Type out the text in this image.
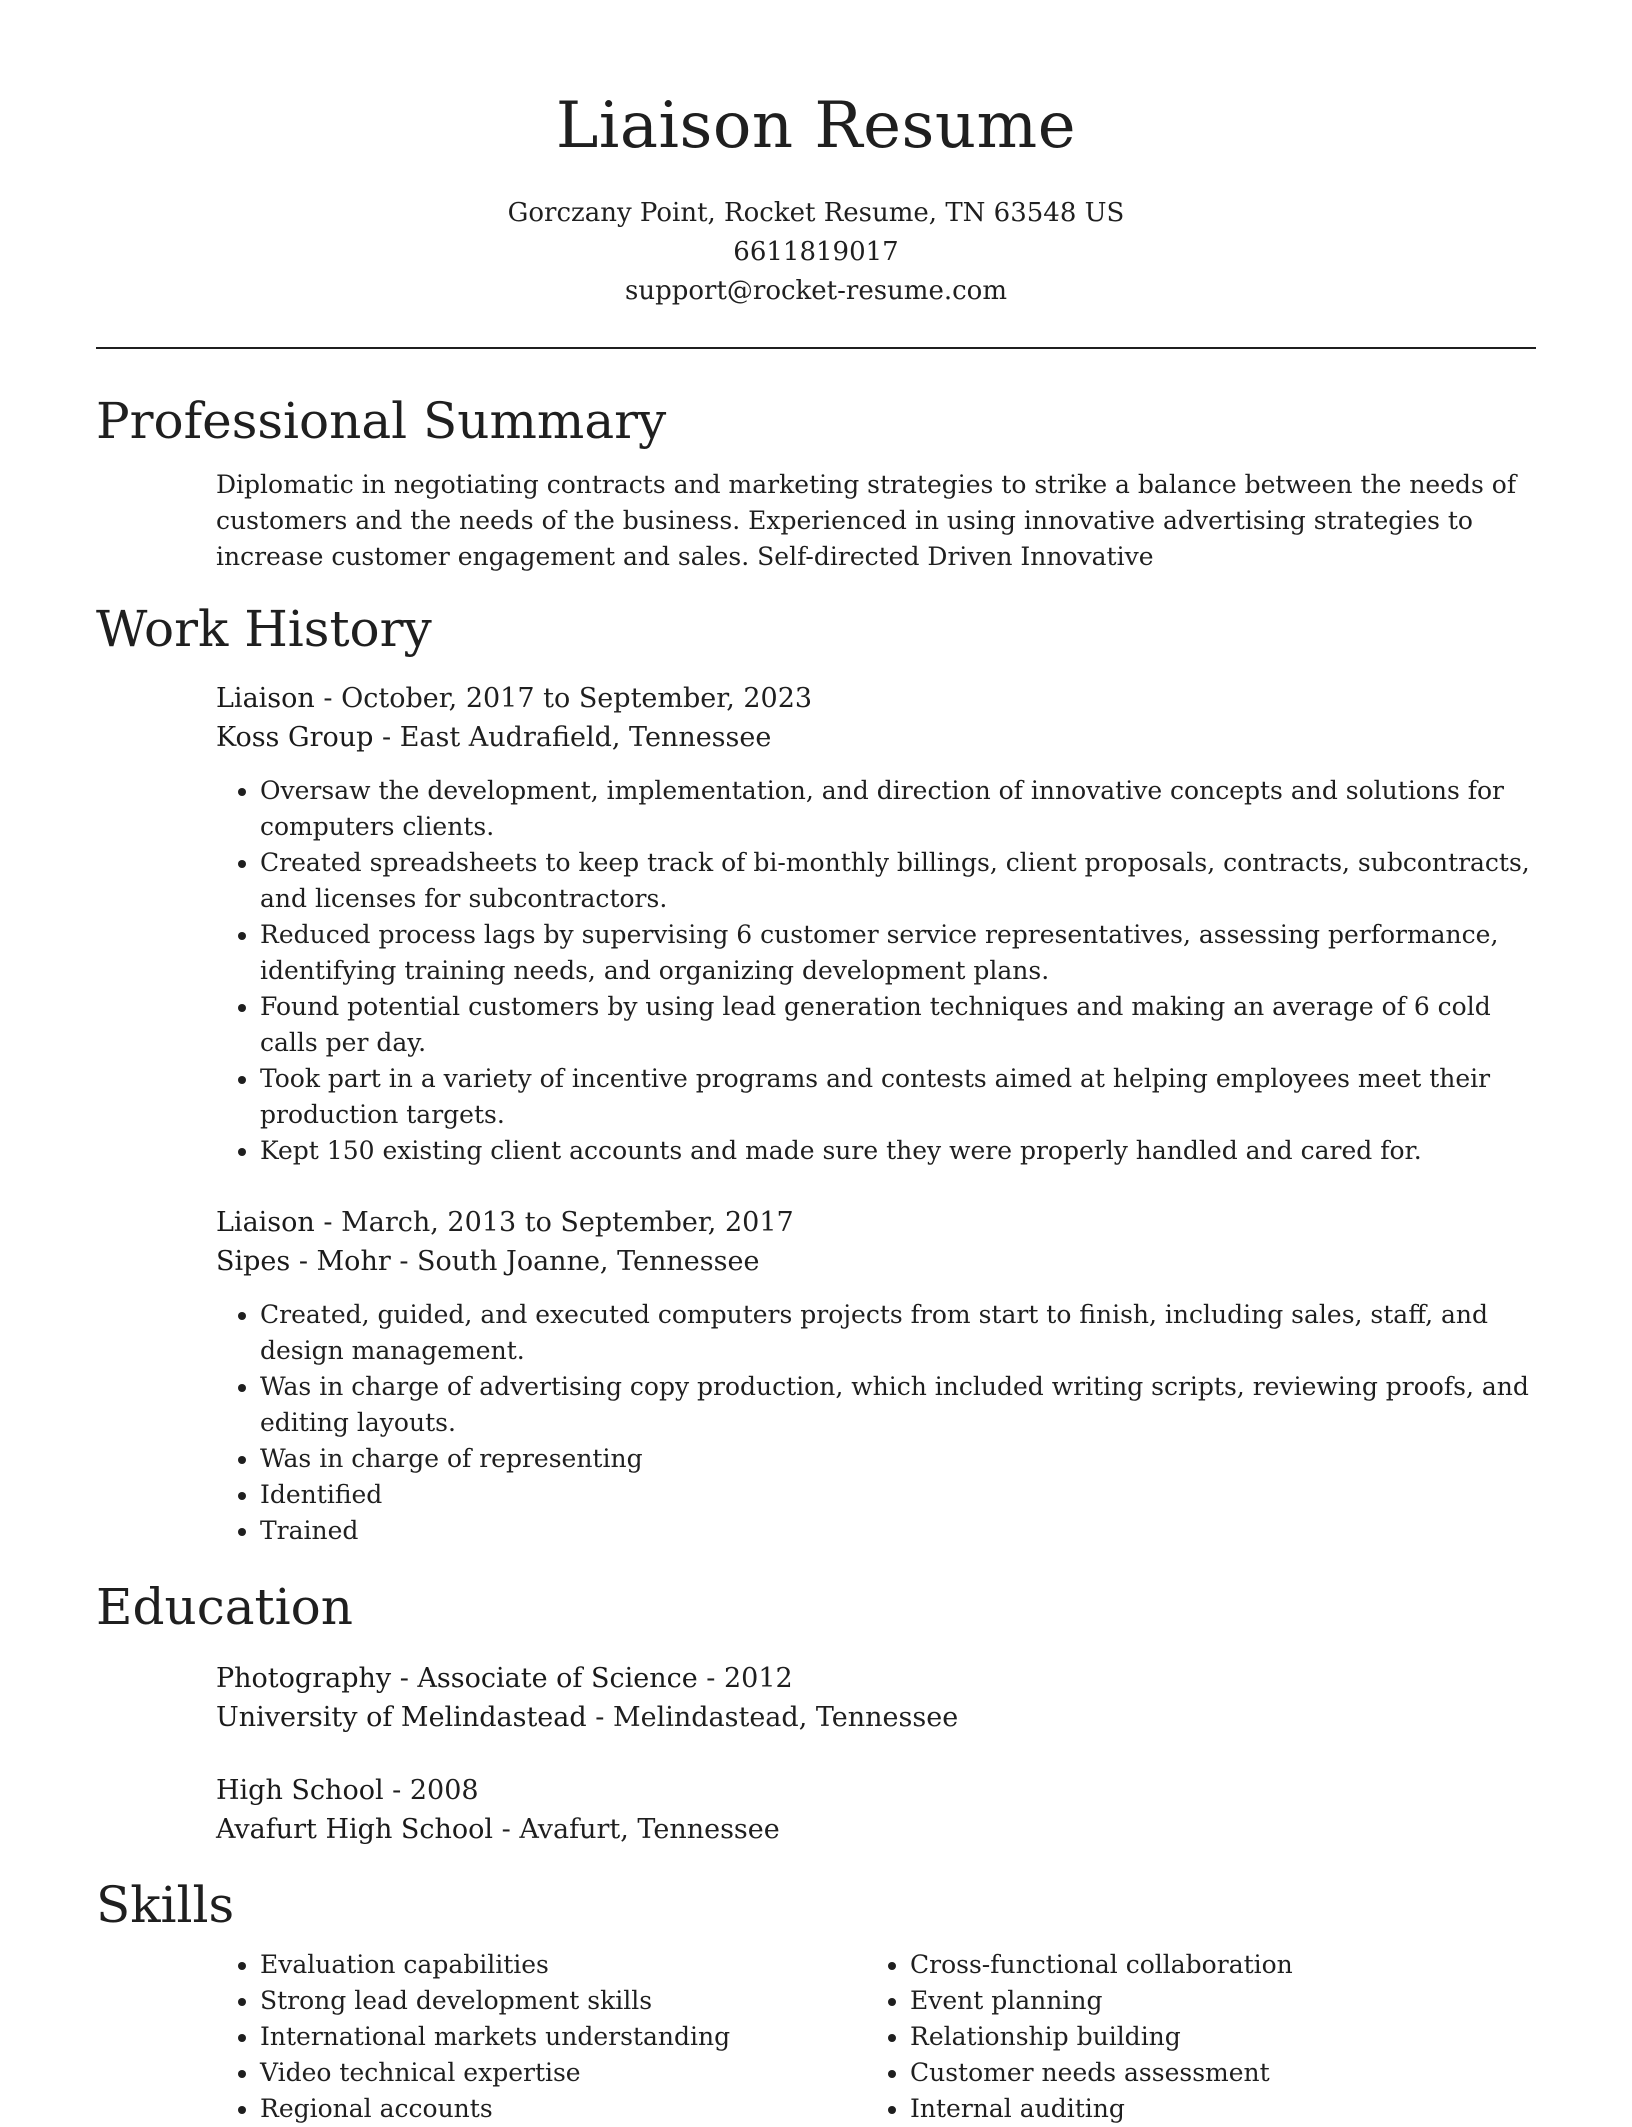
Liaison Resume
Gorczany Point, Rocket Resume, TN 63548 US
6611819017
support@rocket-resume.com
Professional Summary
Diplomatic in negotiating contracts and marketing strategies to strike a balance between the needs of customers and the needs of the business. Experienced in using innovative advertising strategies to increase customer engagement and sales. Self-directed Driven Innovative
Work History
Liaison - October, 2017 to September, 2023
Koss Group - East Audrafield, Tennessee
• Oversaw the development, implementation, and direction of innovative concepts and solutions for computers clients.
• Created spreadsheets to keep track of bi-monthly billings, client proposals, contracts, subcontracts, and licenses for subcontractors.
• Reduced process lags by supervising 6 customer service representatives, assessing performance, identifying training needs, and organizing development plans.
• Found potential customers by using lead generation techniques and making an average of 6 cold calls per day.
• Took part in a variety of incentive programs and contests aimed at helping employees meet their production targets.
• Kept 150 existing client accounts and made sure they were properly handled and cared for.
Liaison - March, 2013 to September, 2017
Sipes - Mohr - South Joanne, Tennessee
• Created, guided, and executed computers projects from start to finish, including sales, staff, and design management.
• Was in charge of advertising copy production, which included writing scripts, reviewing proofs, and editing layouts.
• Was in charge of representing
• Identified
• Trained
Education
Photography - Associate of Science - 2012
University of Melindastead - Melindastead, Tennessee
High School - 2008
Avafurt High School - Avafurt, Tennessee
Skills
• Evaluation capabilities
• Strong lead development skills
• International markets understanding
• Video technical expertise
• Regional accounts
• Cross-functional collaboration
• Event planning
• Relationship building
• Customer needs assessment
• Internal auditing
